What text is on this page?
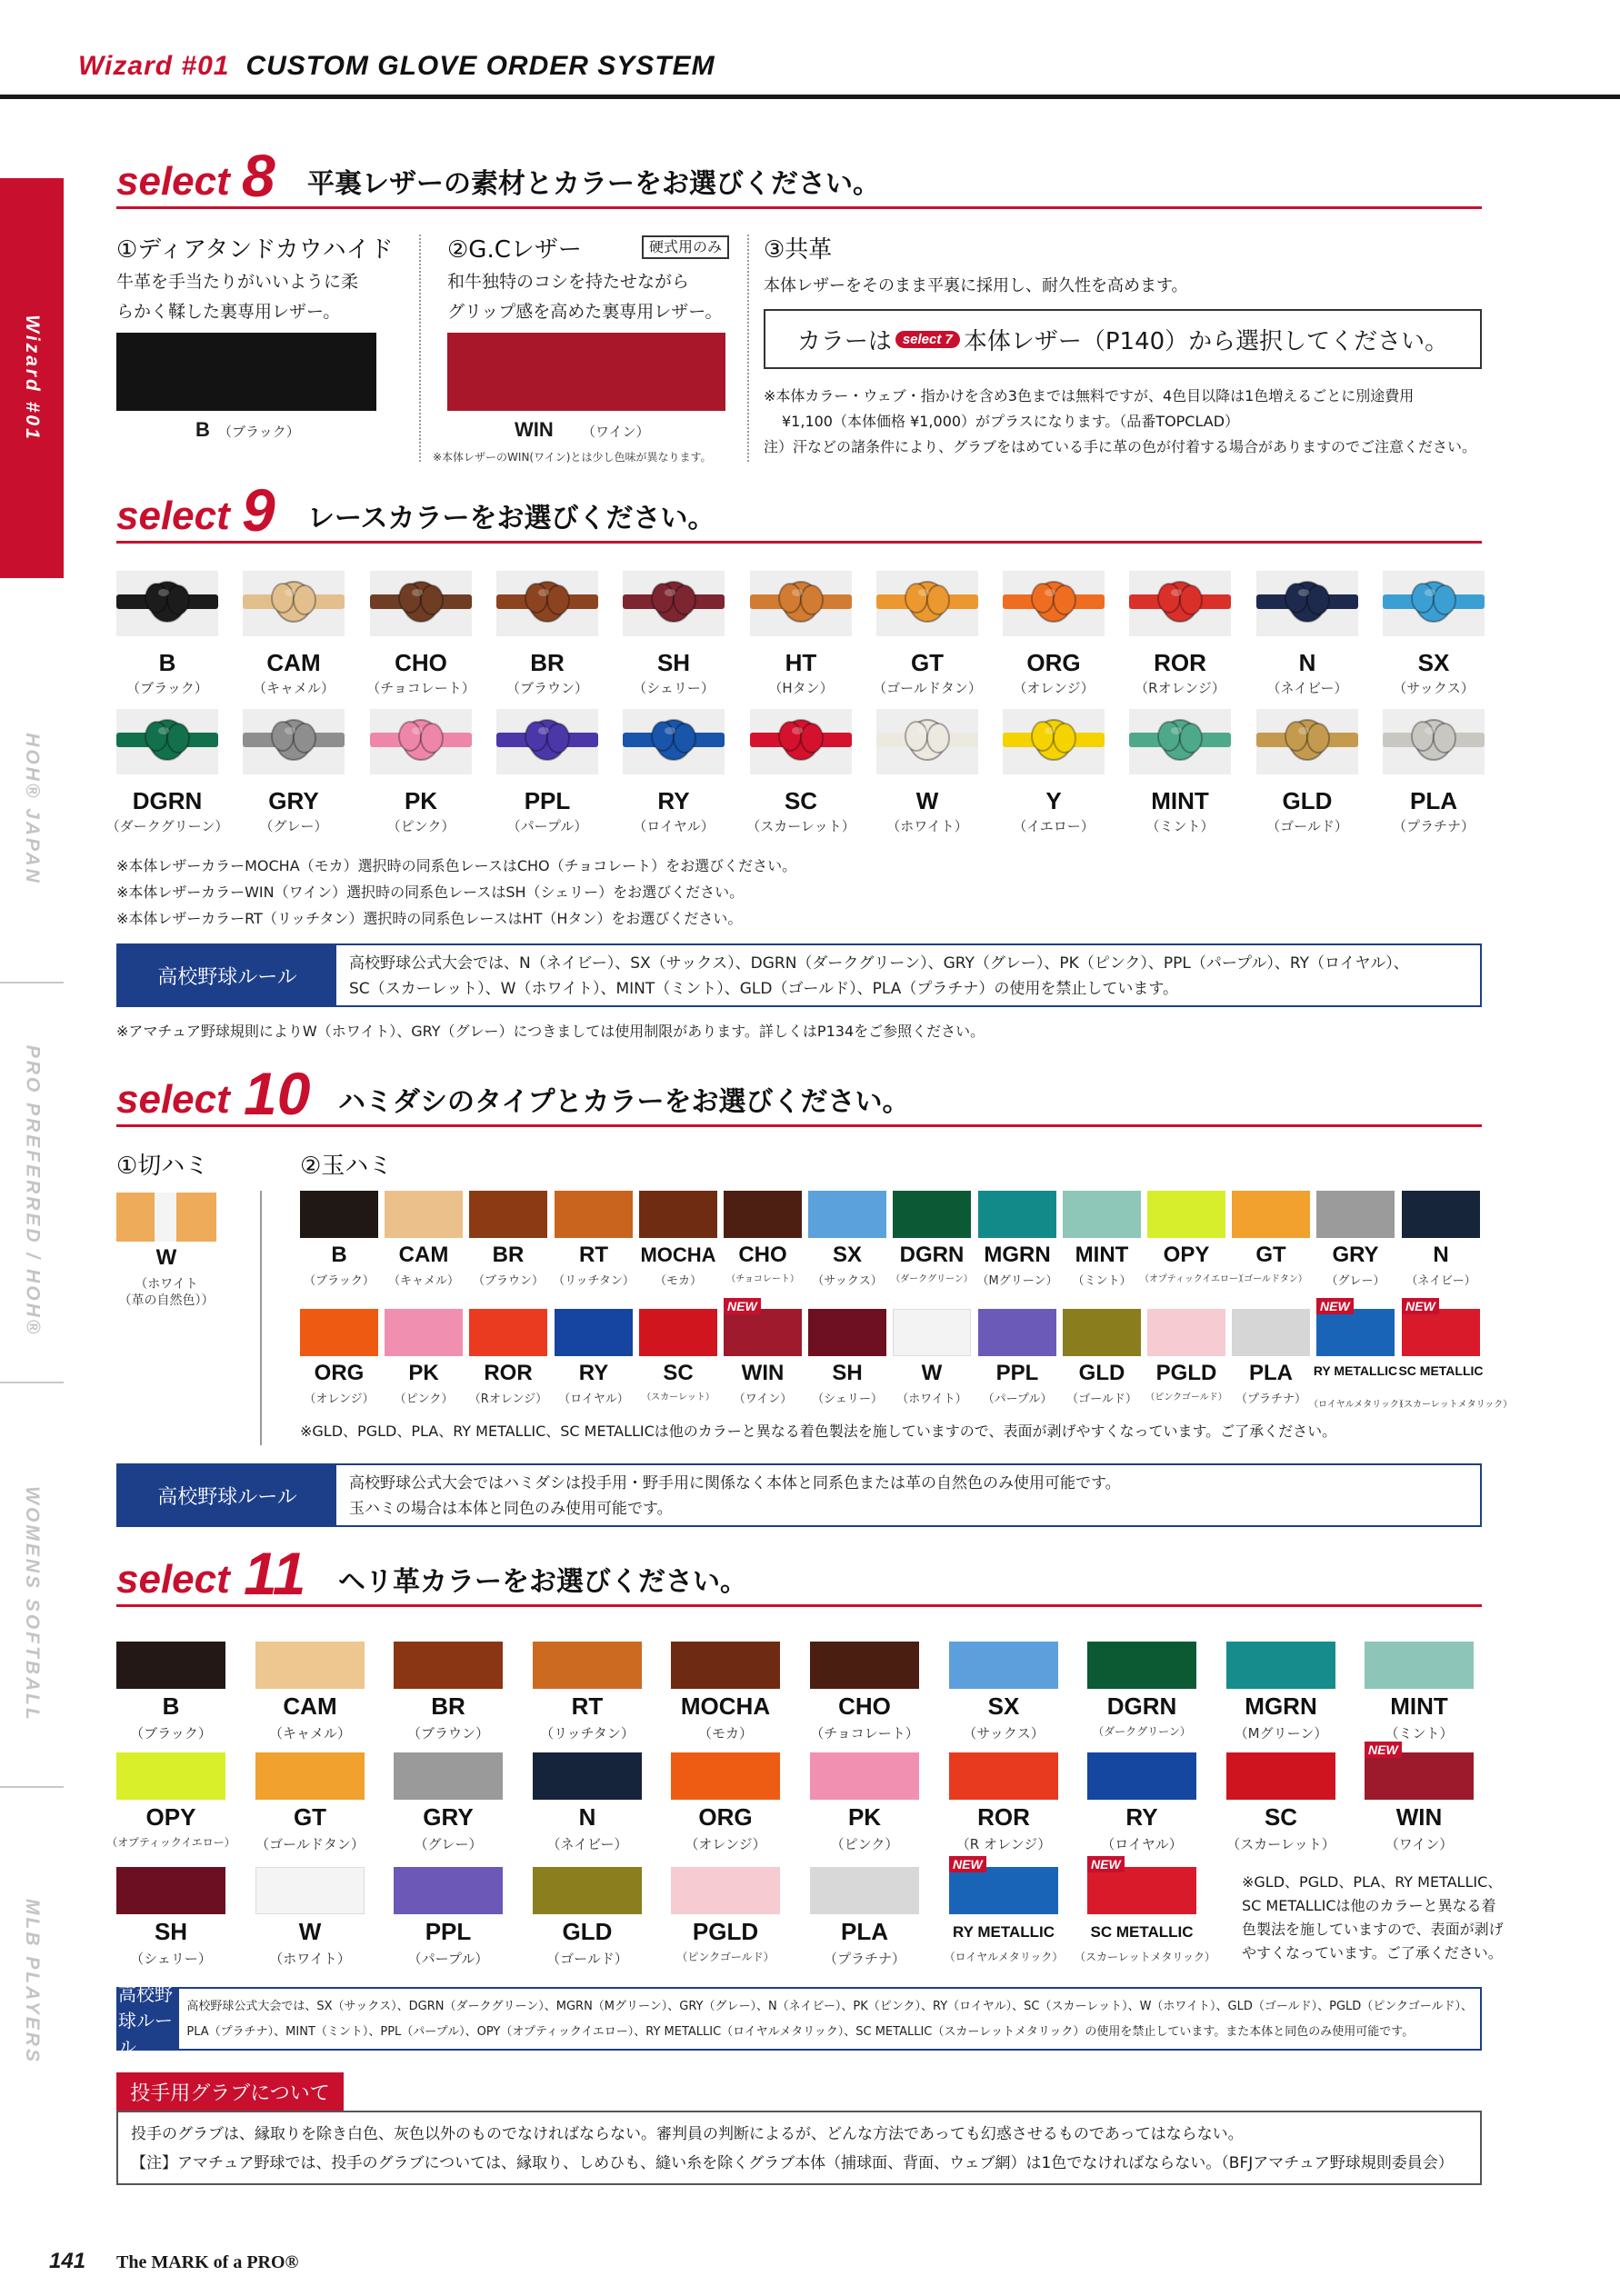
Wizard #01 CUSTOM GLOVE ORDER SYSTEM
Wizard #01
HOH® JAPAN
PRO PREFERRED / HOH®
WOMENS SOFTBALL
MLB PLAYERS
select 8 平裏レザーの素材とカラーをお選びください。
①ディアタンドカウハイド
牛革を手当たりがいいように柔
らかく鞣した裏専用レザー。
B （ブラック）
②G.Cレザー	硬式用のみ
和牛独特のコシを持たせながら
グリップ感を高めた裏専用レザー。
WIN （ワイン）
※本体レザーのWIN(ワイン)とは少し色味が異なります。
③共革
本体レザーをそのまま平裏に採用し、耐久性を高めます。
カラーは select 7 本体レザー（P140）から選択してください。
※本体カラー・ウェブ・指かけを含め3色までは無料ですが、4色目以降は1色増えるごとに別途費用
¥1,100（本体価格 ¥1,000）がプラスになります。（品番TOPCLAD）
注）汗などの諸条件により、グラブをはめている手に革の色が付着する場合がありますのでご注意ください。
select 9 レースカラーをお選びください。
B
（ブラック）
CAM
（キャメル）
CHO
（チョコレート）
BR
（ブラウン）
SH
（シェリー）
HT
（Hタン）
GT
（ゴールドタン）
ORG
（オレンジ）
ROR
（Rオレンジ）
N
（ネイビー）
SX
（サックス）
DGRN
（ダークグリーン）
GRY
（グレー）
PK
（ピンク）
PPL
（パープル）
RY
（ロイヤル）
SC
（スカーレット）
W
（ホワイト）
Y
（イエロー）
MINT
（ミント）
GLD
（ゴールド）
PLA
（プラチナ）
※本体レザーカラーMOCHA（モカ）選択時の同系色レースはCHO（チョコレート）をお選びください。
※本体レザーカラーWIN（ワイン）選択時の同系色レースはSH（シェリー）をお選びください。
※本体レザーカラーRT（リッチタン）選択時の同系色レースはHT（Hタン）をお選びください。
高校野球ルール
高校野球公式大会では、N（ネイビー）、SX（サックス）、DGRN（ダークグリーン）、GRY（グレー）、PK（ピンク）、PPL（パープル）、RY（ロイヤル）、
SC（スカーレット）、W（ホワイト）、MINT（ミント）、GLD（ゴールド）、PLA（プラチナ）の使用を禁止しています。
※アマチュア野球規則によりW（ホワイト）、GRY（グレー）につきましては使用制限があります。詳しくはP134をご参照ください。
select 10 ハミダシのタイプとカラーをお選びください。
①切ハミ
W
（ホワイト
（革の自然色））
②玉ハミ
B
（ブラック）
CAM
（キャメル）
BR
（ブラウン）
RT
（リッチタン）
MOCHA
（モカ）
CHO
（チョコレート）
SX
（サックス）
DGRN
（ダークグリーン）
MGRN
（Mグリーン）
MINT
（ミント）
OPY
（オプティックイエロー）
GT
（ゴールドタン）
GRY
（グレー）
N
（ネイビー）
ORG
（オレンジ）
PK
（ピンク）
ROR
（Rオレンジ）
RY
（ロイヤル）
SC
（スカーレット）
NEW
WIN
（ワイン）
SH
（シェリー）
W
（ホワイト）
PPL
（パープル）
GLD
（ゴールド）
PGLD
（ピンクゴールド）
PLA
（プラチナ）
NEW
RY METALLIC
（ロイヤルメタリック）
NEW
SC METALLIC
（スカーレットメタリック）
※GLD、PGLD、PLA、RY METALLIC、SC METALLICは他のカラーと異なる着色製法を施していますので、表面が剥げやすくなっています。ご了承ください。
高校野球ルール
高校野球公式大会ではハミダシは投手用・野手用に関係なく本体と同系色または革の自然色のみ使用可能です。
玉ハミの場合は本体と同色のみ使用可能です。
select 11 ヘリ革カラーをお選びください。
B
（ブラック）
CAM
（キャメル）
BR
（ブラウン）
RT
（リッチタン）
MOCHA
（モカ）
CHO
（チョコレート）
SX
（サックス）
DGRN
（ダークグリーン）
MGRN
（Mグリーン）
MINT
（ミント）
OPY
（オプティックイエロー）
GT
（ゴールドタン）
GRY
（グレー）
N
（ネイビー）
ORG
（オレンジ）
PK
（ピンク）
ROR
（R オレンジ）
RY
（ロイヤル）
SC
（スカーレット）
NEW
WIN
（ワイン）
SH
（シェリー）
W
（ホワイト）
PPL
（パープル）
GLD
（ゴールド）
PGLD
（ピンクゴールド）
PLA
（プラチナ）
NEW
RY METALLIC
（ロイヤルメタリック）
NEW
SC METALLIC
（スカーレットメタリック）
※GLD、PGLD、PLA、RY METALLIC、
SC METALLICは他のカラーと異なる着
色製法を施していますので、表面が剥げ
やすくなっています。ご了承ください。
高校野球ルール
高校野球公式大会では、SX（サックス）、DGRN（ダークグリーン）、MGRN（Mグリーン）、GRY（グレー）、N（ネイビー）、PK（ピンク）、RY（ロイヤル）、SC（スカーレット）、W（ホワイト）、GLD（ゴールド）、PGLD（ピンクゴールド）、
PLA（プラチナ）、MINT（ミント）、PPL（パープル）、OPY（オプティックイエロー）、RY METALLIC（ロイヤルメタリック）、SC METALLIC（スカーレットメタリック）の使用を禁止しています。また本体と同色のみ使用可能です。
投手用グラブについて
投手のグラブは、縁取りを除き白色、灰色以外のものでなければならない。審判員の判断によるが、どんな方法であっても幻惑させるものであってはならない。
【注】アマチュア野球では、投手のグラブについては、縁取り、しめひも、縫い糸を除くグラブ本体（捕球面、背面、ウェブ網）は1色でなければならない。（BFJアマチュア野球規則委員会）
141 The MARK of a PRO®
